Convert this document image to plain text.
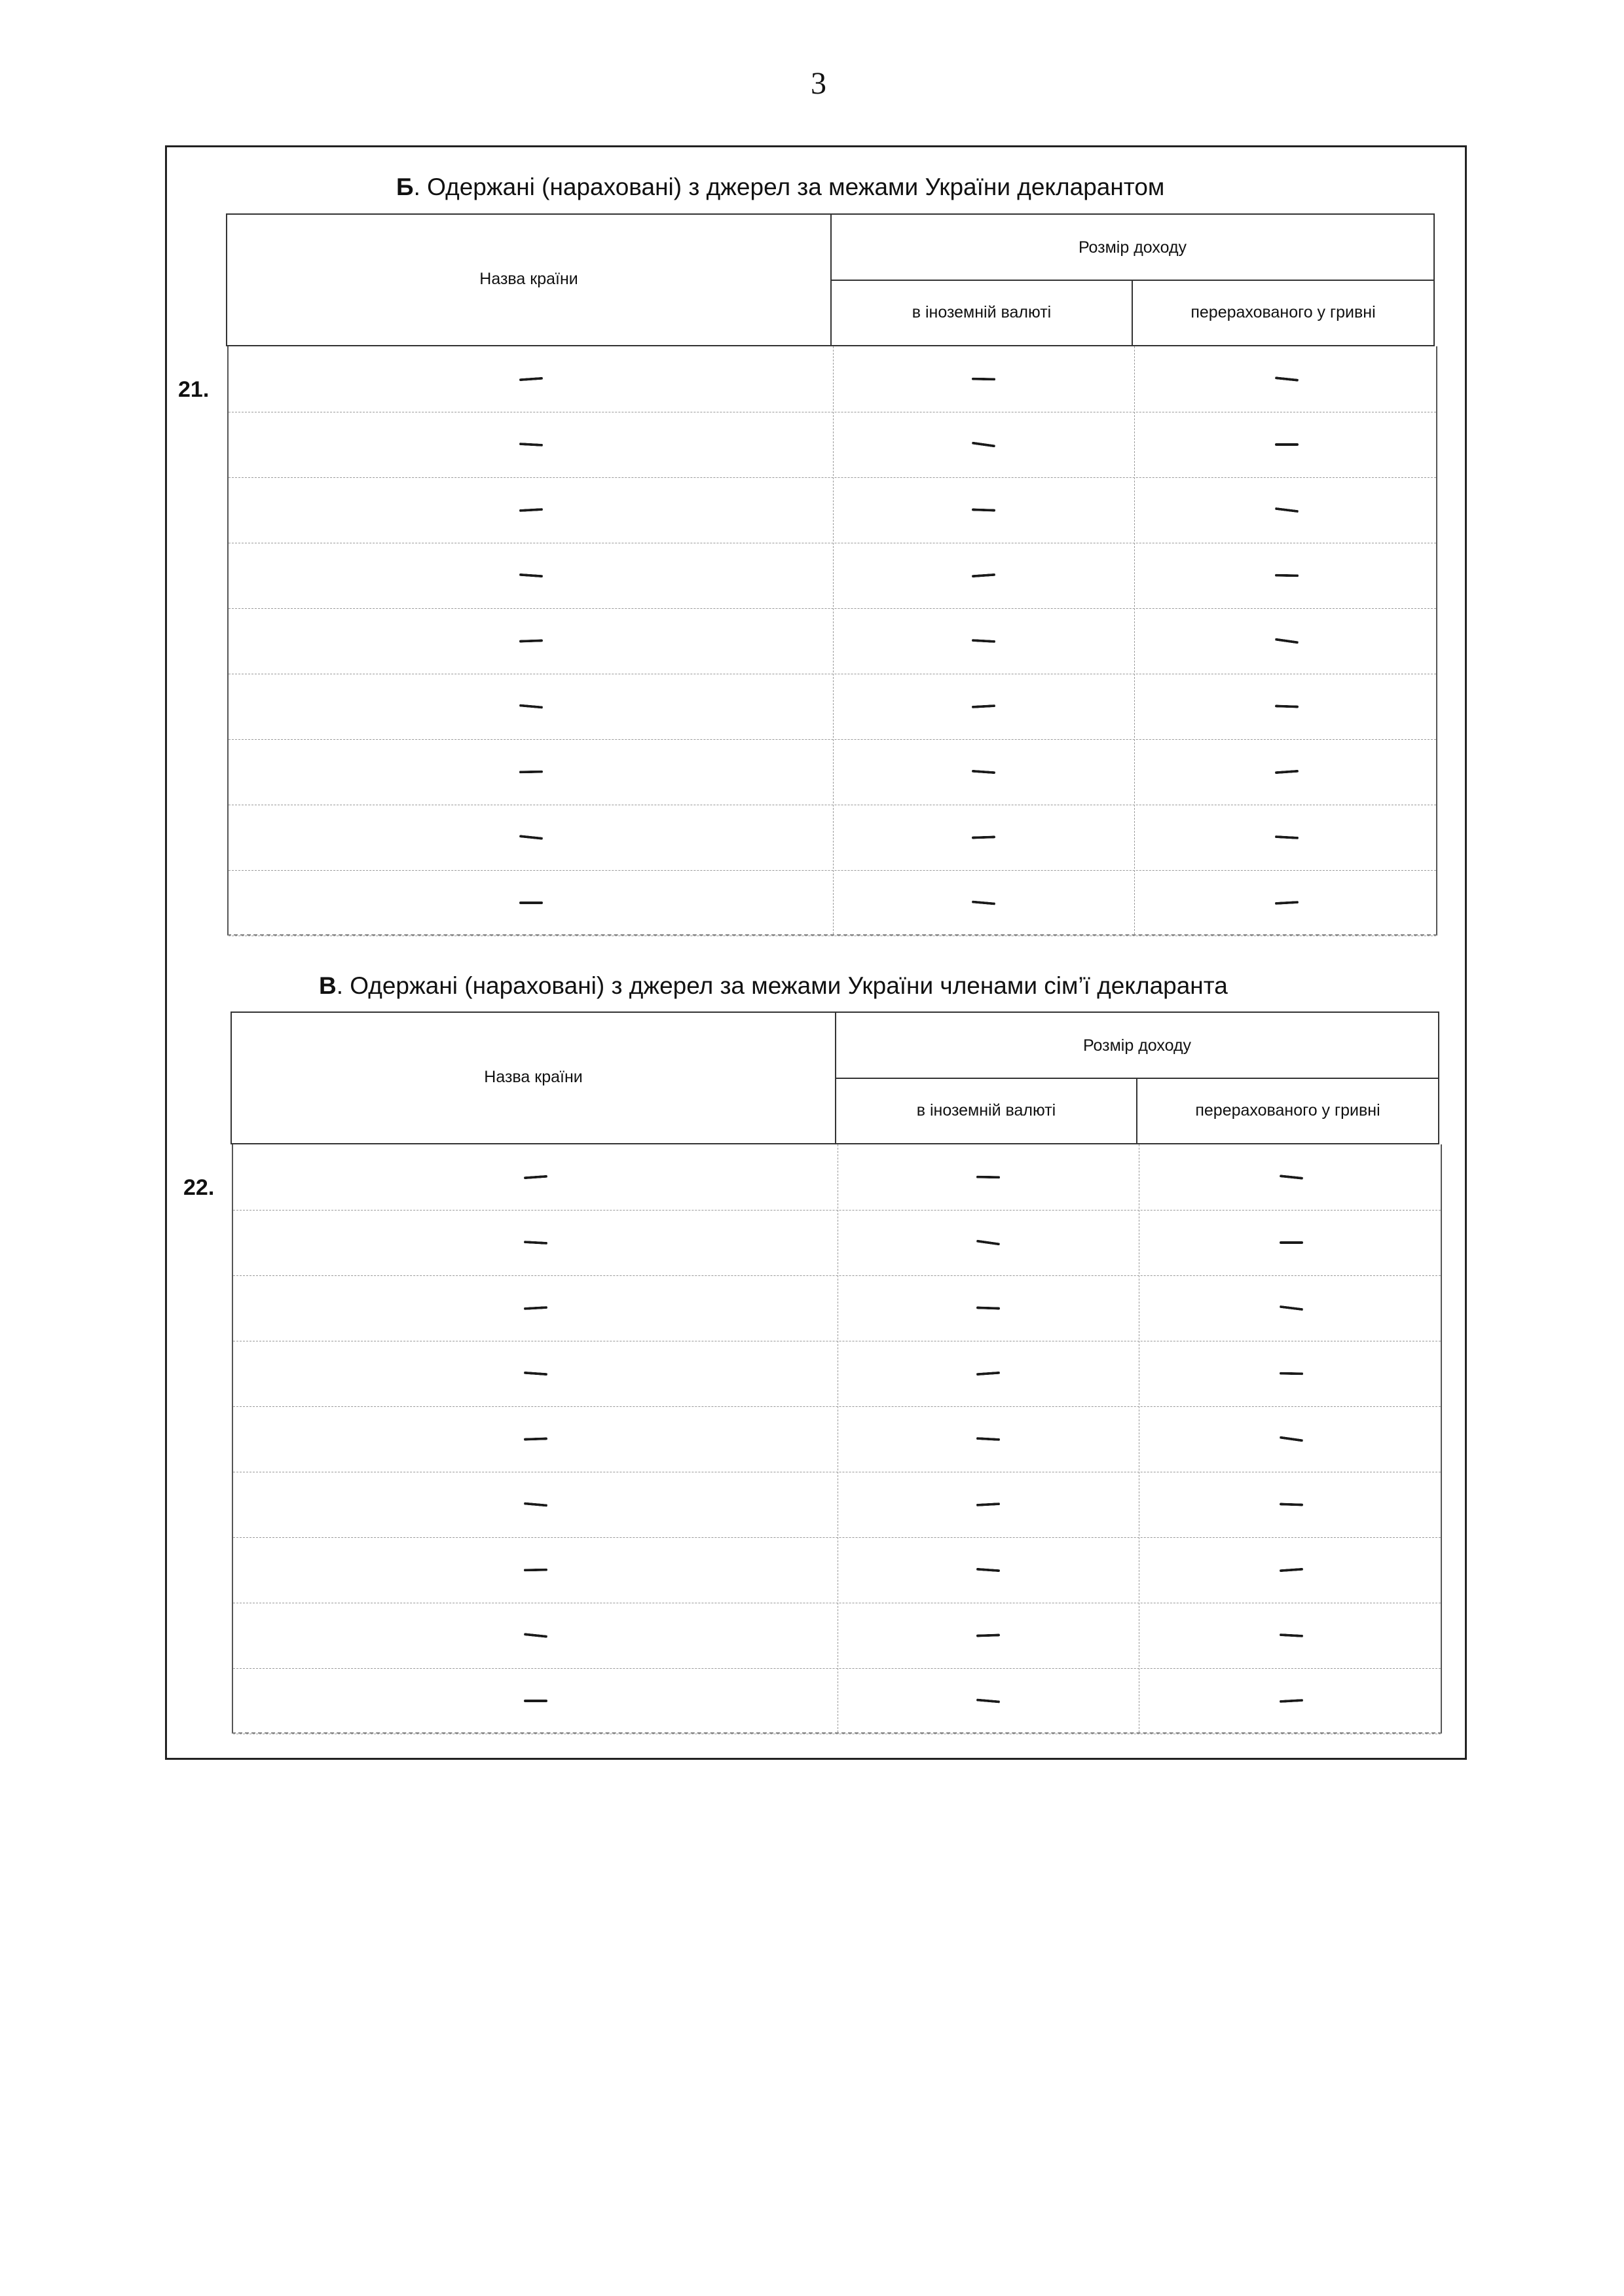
3
Б. Одержані (нараховані) з джерел за межами України декларантом
Назва країни
Розмір доходу
в іноземній валюті	перерахованого у гривні
21.
В. Одержані (нараховані) з джерел за межами України членами сім’ї декларанта
Назва країни
Розмір доходу
в іноземній валюті	перерахованого у гривні
22.
